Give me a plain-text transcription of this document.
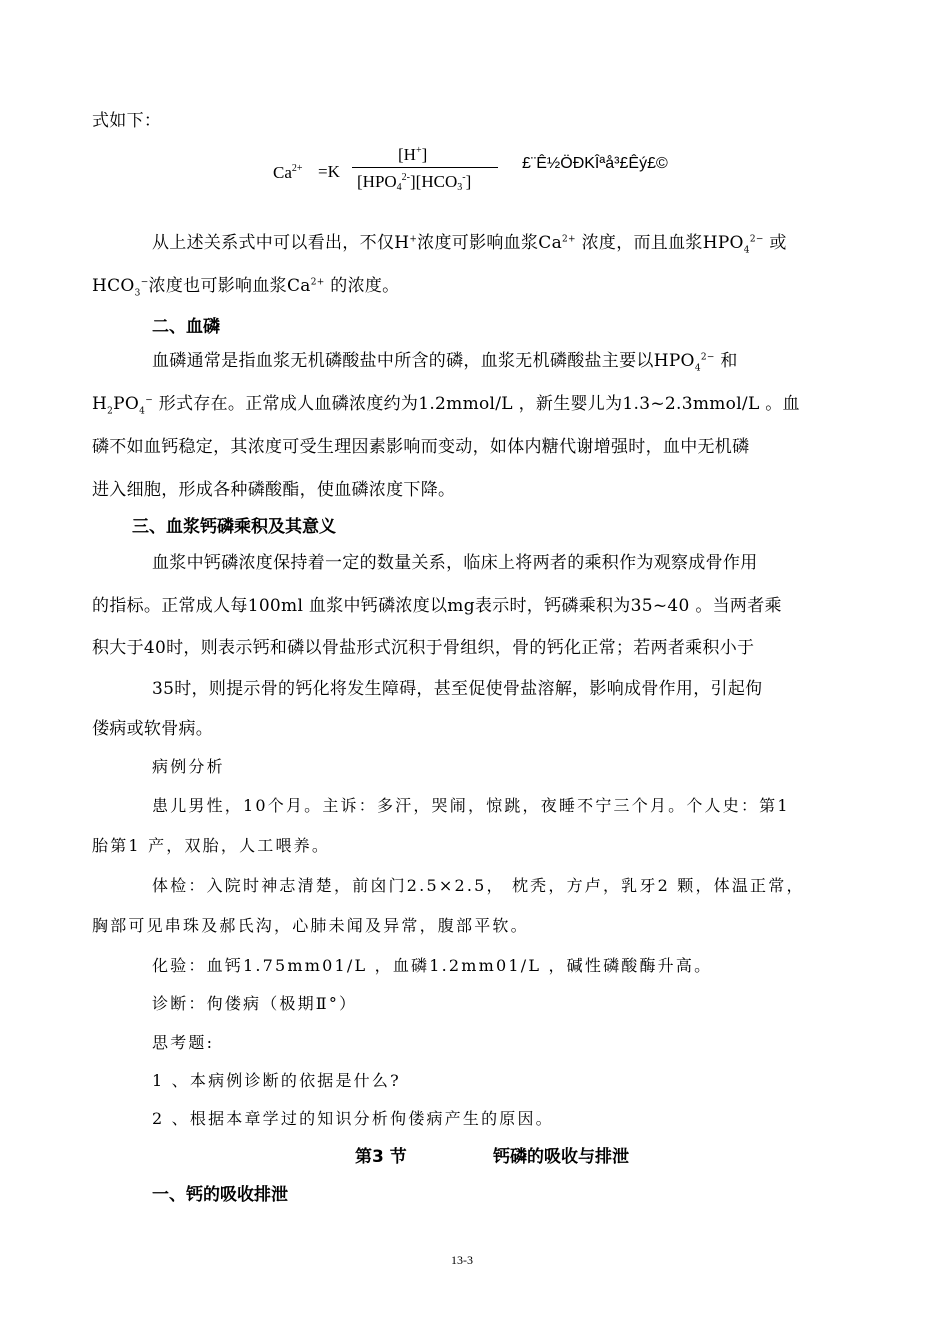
式如下：
$Ca^{2+} =K$
[H+]
$[HPO4^{2-}][HCO3^-]$
£¨Ê½ÖÐKÎªå³£Êý£©
从上述关系式中可以看出，不仅H+浓度可影响血浆$Ca^{2+}$ 浓度，而且血浆$HPO_4^{2-}$ 或
$HCO_3^-$浓度也可影响血浆$Ca^{2+}$ 的浓度。
二、血磷
血磷通常是指血浆无机磷酸盐中所含的磷，血浆无机磷酸盐主要以$HPO_4^{2-}$ 和
$H_2PO_4^-$ 形式存在。正常成人血磷浓度约为1.2mmol/L ，新生婴儿为1.3~2.3mmol/L 。血
磷不如血钙稳定，其浓度可受生理因素影响而变动，如体内糖代谢增强时，血中无机磷
进入细胞，形成各种磷酸酯，使血磷浓度下降。
三、血浆钙磷乘积及其意义
血浆中钙磷浓度保持着一定的数量关系，临床上将两者的乘积作为观察成骨作用
的指标。正常成人每100ml 血浆中钙磷浓度以mg表示时，钙磷乘积为35~40 。当两者乘
积大于40时，则表示钙和磷以骨盐形式沉积于骨组织，骨的钙化正常；若两者乘积小于
35时，则提示骨的钙化将发生障碍，甚至促使骨盐溶解，影响成骨作用，引起佝
偻病或软骨病。
病例分析
患儿男性，10个月。主诉：多汗，哭闹，惊跳，夜睡不宁三个月。个人史：第1
胎第1 产，双胎，人工喂养。
体检：入院时神志清楚，前囟门2.5×2.5， 枕秃，方卢，乳牙2 颗，体温正常，
胸部可见串珠及郝氏沟，心肺未闻及异常，腹部平软。
化验：血钙1.75mm01/L ，血磷1.2mm01/L ，碱性磷酸酶升高。
诊断：佝偻病（极期Ⅱ°）
思考题:
1 、本病例诊断的依据是什么?
2 、根据本章学过的知识分析佝偻病产生的原因。
第3 节	钙磷的吸收与排泄
一、钙的吸收排泄
13-3
